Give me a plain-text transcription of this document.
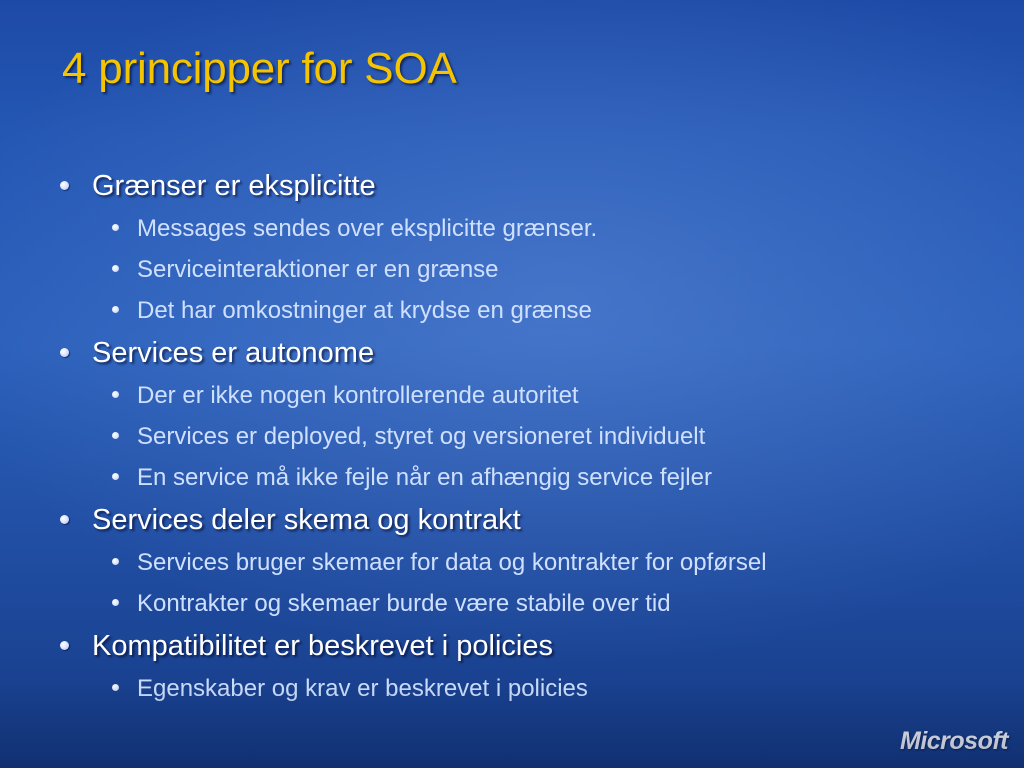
4 principper for SOA
Grænser er eksplicitte
Messages sendes over eksplicitte grænser.
Serviceinteraktioner er en grænse
Det har omkostninger at krydse en grænse
Services er autonome
Der er ikke nogen kontrollerende autoritet
Services er deployed, styret og versioneret individuelt
En service må ikke fejle når en afhængig service fejler
Services deler skema og kontrakt
Services bruger skemaer for data og kontrakter for opførsel
Kontrakter og skemaer burde være stabile over tid
Kompatibilitet er beskrevet i policies
Egenskaber og krav er beskrevet i policies
Microsoft
